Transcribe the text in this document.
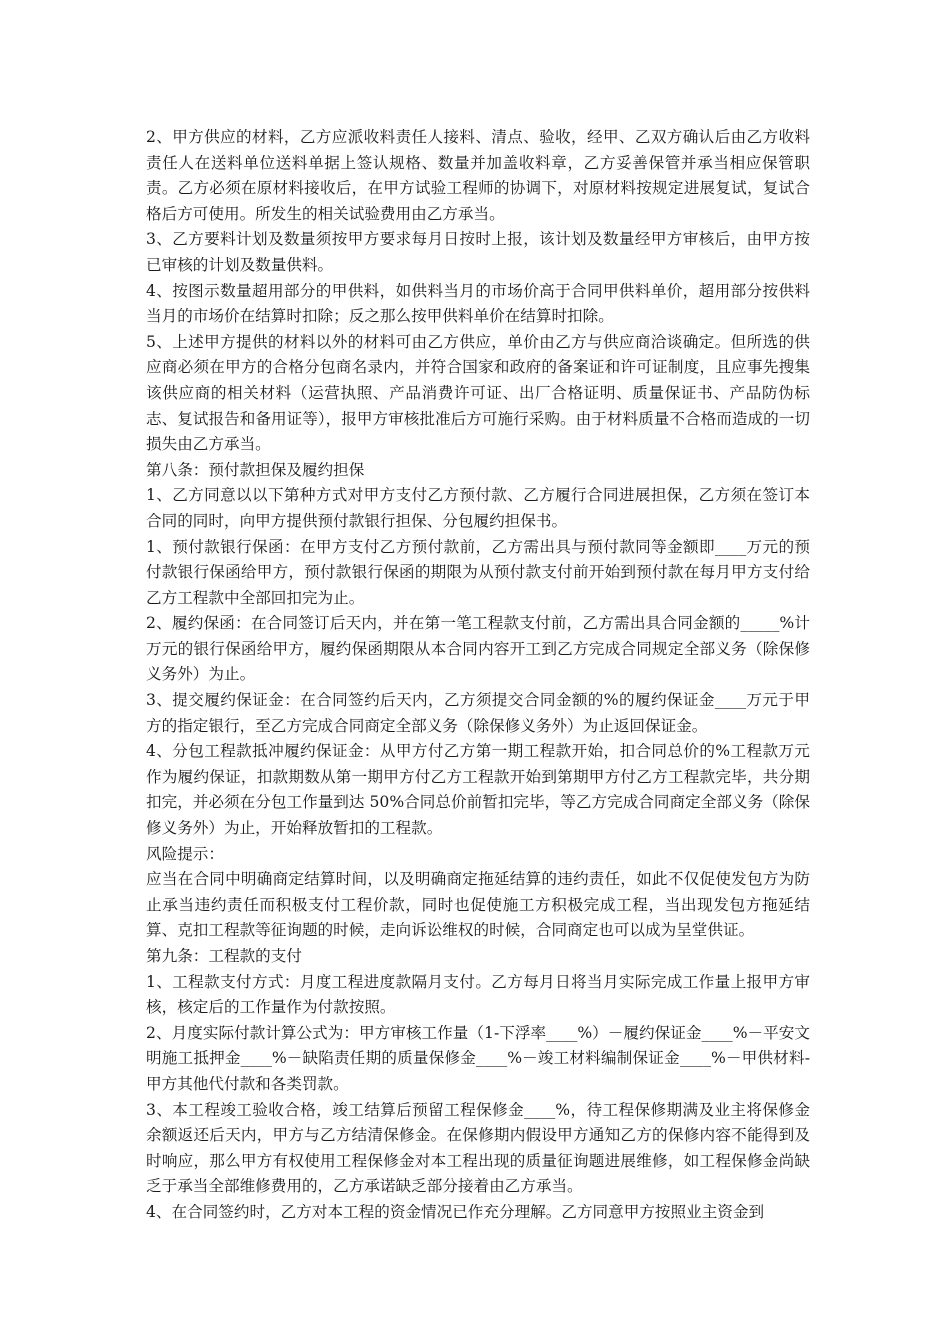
2、甲方供应的材料，乙方应派收料责任人接料、清点、验收，经甲、乙双方确认后由乙方收料责任人在送料单位送料单据上签认规格、数量并加盖收料章，乙方妥善保管并承当相应保管职责。乙方必须在原材料接收后，在甲方试验工程师的协调下，对原材料按规定进展复试，复试合格后方可使用。所发生的相关试验费用由乙方承当。

3、乙方要料计划及数量须按甲方要求每月日按时上报，该计划及数量经甲方审核后，由甲方按已审核的计划及数量供料。

4、按图示数量超用部分的甲供料，如供料当月的市场价高于合同甲供料单价，超用部分按供料当月的市场价在结算时扣除；反之那么按甲供料单价在结算时扣除。

5、上述甲方提供的材料以外的材料可由乙方供应，单价由乙方与供应商洽谈确定。但所选的供应商必须在甲方的合格分包商名录内，并符合国家和政府的备案证和许可证制度，且应事先搜集该供应商的相关材料（运营执照、产品消费许可证、出厂合格证明、质量保证书、产品防伪标志、复试报告和备用证等），报甲方审核批准后方可施行采购。由于材料质量不合格而造成的一切损失由乙方承当。

第八条：预付款担保及履约担保

1、乙方同意以以下第种方式对甲方支付乙方预付款、乙方履行合同进展担保，乙方须在签订本合同的同时，向甲方提供预付款银行担保、分包履约担保书。

1、预付款银行保函：在甲方支付乙方预付款前，乙方需出具与预付款同等金额即____万元的预付款银行保函给甲方，预付款银行保函的期限为从预付款支付前开始到预付款在每月甲方支付给乙方工程款中全部回扣完为止。

2、履约保函：在合同签订后天内，并在第一笔工程款支付前，乙方需出具合同金额的_____%计万元的银行保函给甲方，履约保函期限从本合同内容开工到乙方完成合同规定全部义务（除保修义务外）为止。

3、提交履约保证金：在合同签约后天内，乙方须提交合同金额的%的履约保证金____万元于甲方的指定银行，至乙方完成合同商定全部义务（除保修义务外）为止返回保证金。

4、分包工程款抵冲履约保证金：从甲方付乙方第一期工程款开始，扣合同总价的%工程款万元作为履约保证，扣款期数从第一期甲方付乙方工程款开始到第期甲方付乙方工程款完毕，共分期扣完，并必须在分包工作量到达 50%合同总价前暂扣完毕，等乙方完成合同商定全部义务（除保修义务外）为止，开始释放暂扣的工程款。

风险提示：

应当在合同中明确商定结算时间，以及明确商定拖延结算的违约责任，如此不仅促使发包方为防止承当违约责任而积极支付工程价款，同时也促使施工方积极完成工程，当出现发包方拖延结算、克扣工程款等征询题的时候，走向诉讼维权的时候，合同商定也可以成为呈堂供证。

第九条：工程款的支付

1、工程款支付方式：月度工程进度款隔月支付。乙方每月日将当月实际完成工作量上报甲方审核，核定后的工作量作为付款按照。

2、月度实际付款计算公式为：甲方审核工作量（1-下浮率____%）－履约保证金____%－平安文明施工抵押金____%－缺陷责任期的质量保修金____%－竣工材料编制保证金____%－甲供材料-甲方其他代付款和各类罚款。

3、本工程竣工验收合格，竣工结算后预留工程保修金____%，待工程保修期满及业主将保修金余额返还后天内，甲方与乙方结清保修金。在保修期内假设甲方通知乙方的保修内容不能得到及时响应，那么甲方有权使用工程保修金对本工程出现的质量征询题进展维修，如工程保修金尚缺乏于承当全部维修费用的，乙方承诺缺乏部分接着由乙方承当。

4、在合同签约时，乙方对本工程的资金情况已作充分理解。乙方同意甲方按照业主资金到
